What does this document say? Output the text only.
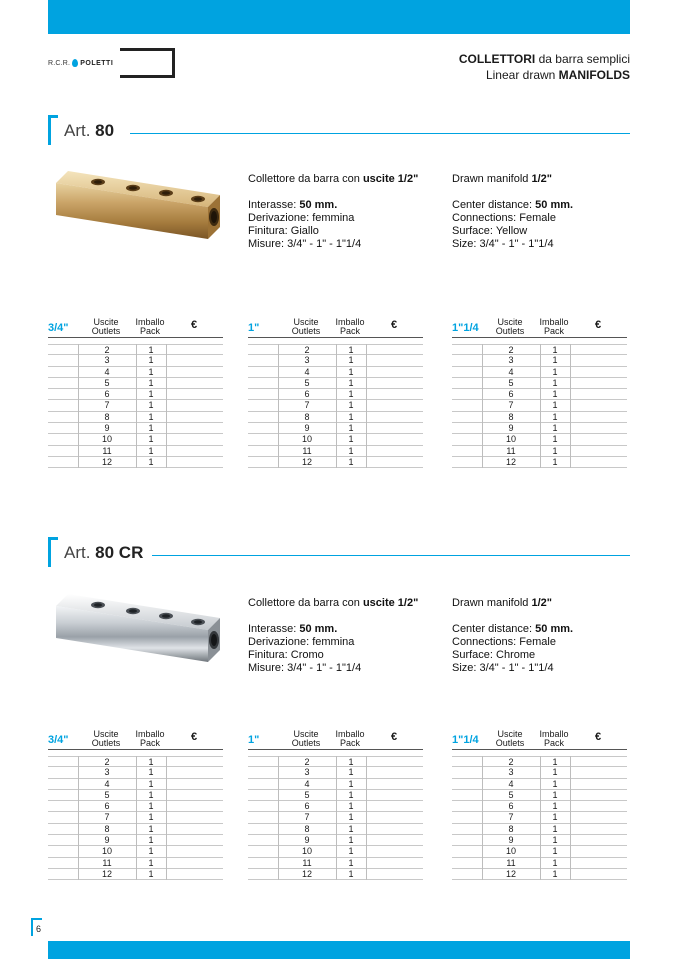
R.C.R. POLETTI	COLLETTORI da barra semplici
Linear drawn MANIFOLDS
Art. 80
Collettore da barra con uscite 1/2"
Interasse: 50 mm.
Derivazione: femmina
Finitura: Giallo
Misure: 3/4" - 1" - 1"1/4
Drawn manifold 1/2"
Center distance: 50 mm.
Connections: Female
Surface: Yellow
Size: 3/4" - 1" - 1"1/4
3/4"	Uscite
Outlets
Imballo
Pack	€
2	1
3	1
4	1
5	1
6	1
7	1
8	1
9	1
10	1
11	1
12	1
1"	Uscite
Outlets
Imballo
Pack	€
2	1
3	1
4	1
5	1
6	1
7	1
8	1
9	1
10	1
11	1
12	1
1"1/4	Uscite
Outlets
Imballo
Pack	€
2	1
3	1
4	1
5	1
6	1
7	1
8	1
9	1
10	1
11	1
12	1
Art. 80 CR
Collettore da barra con uscite 1/2"
Interasse: 50 mm.
Derivazione: femmina
Finitura: Cromo
Misure: 3/4" - 1" - 1"1/4
Drawn manifold 1/2"
Center distance: 50 mm.
Connections: Female
Surface: Chrome
Size: 3/4" - 1" - 1"1/4
3/4"	Uscite
Outlets
Imballo
Pack	€
2	1
3	1
4	1
5	1
6	1
7	1
8	1
9	1
10	1
11	1
12	1
1"	Uscite
Outlets
Imballo
Pack	€
2	1
3	1
4	1
5	1
6	1
7	1
8	1
9	1
10	1
11	1
12	1
1"1/4	Uscite
Outlets
Imballo
Pack	€
2	1
3	1
4	1
5	1
6	1
7	1
8	1
9	1
10	1
11	1
12	1
6
